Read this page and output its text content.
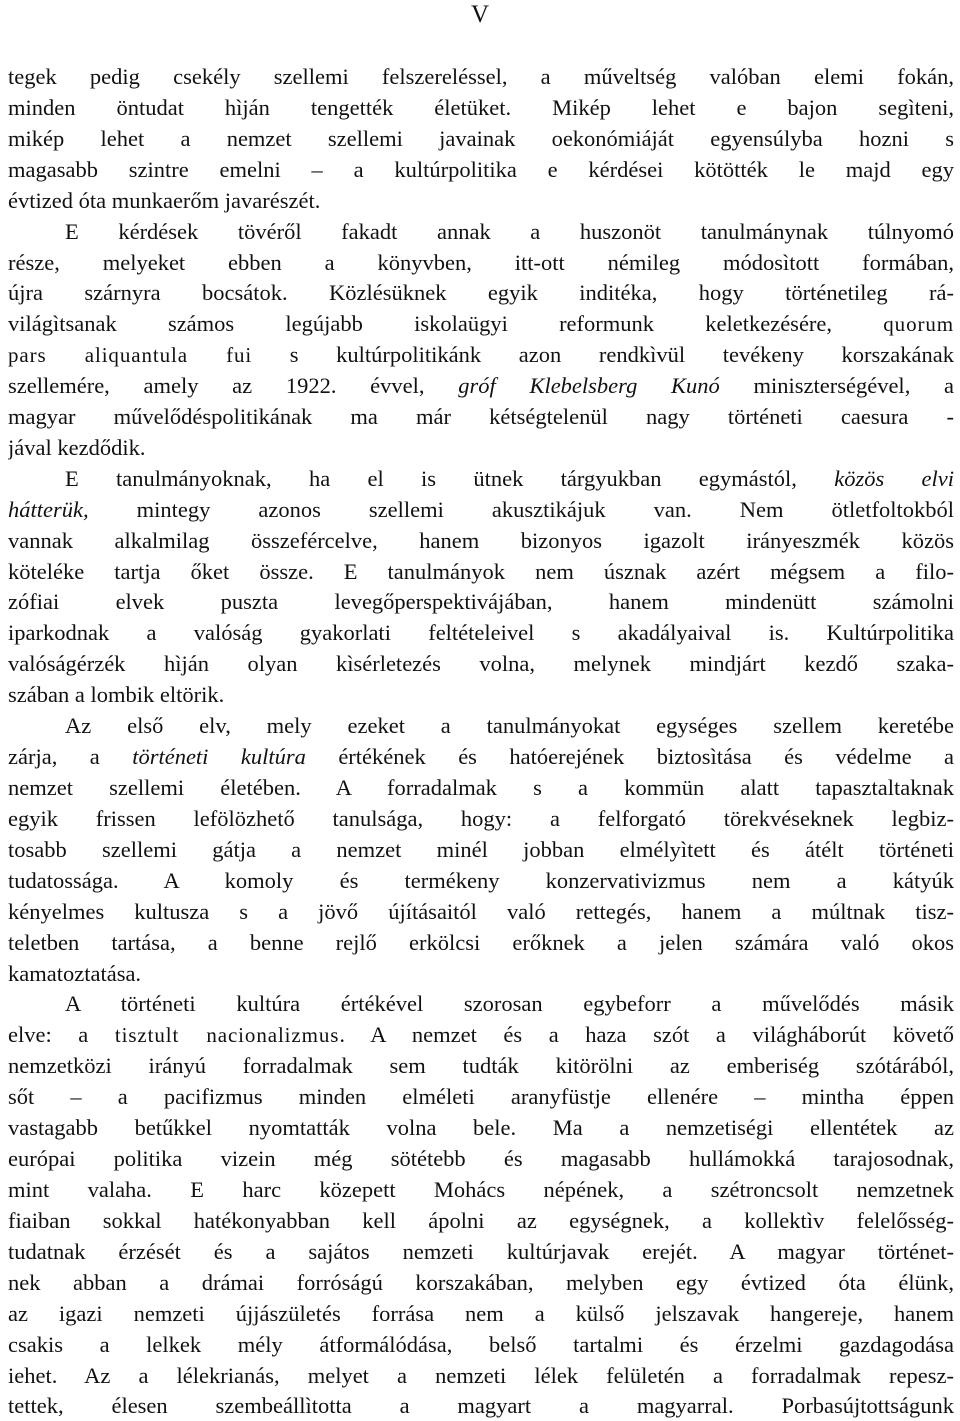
V
tegek pedig csekély szellemi felszereléssel, a műveltség valóban elemi fokán,
minden öntudat hìján tengették életüket. Mikép lehet e bajon segìteni,
mikép lehet a nemzet szellemi javainak oekonómiáját egyensúlyba hozni s
magasabb szintre emelni – a kultúrpolitika e kérdései kötötték le majd egy
évtized óta munkaerőm javarészét.
E kérdések tövéről fakadt annak a huszonöt tanulmánynak túlnyomó
része, melyeket ebben a könyvben, itt-ott némileg módosìtott formában,
újra szárnyra bocsátok. Közlésüknek egyik inditéka, hogy történetileg rá-
világìtsanak számos legújabb iskolaügyi reformunk keletkezésére, quorum
pars aliquantula fui s kultúrpolitikánk azon rendkìvül tevékeny korszakának
szellemére, amely az 1922. évvel, gróf Klebelsberg Kunó miniszterségével, a
magyar művelődéspolitikának ma már kétségtelenül nagy történeti caesura -
jával kezdődik.
E tanulmányoknak, ha el is ütnek tárgyukban egymástól, közös elvi
hátterük, mintegy azonos szellemi akusztikájuk van. Nem ötletfoltokból
vannak alkalmilag összefércelve, hanem bizonyos igazolt irányeszmék közös
köteléke tartja őket össze. E tanulmányok nem úsznak azért mégsem a filo-
zófiai elvek puszta levegőperspektivájában, hanem mindenütt számolni
iparkodnak a valóság gyakorlati feltételeivel s akadályaival is. Kultúrpolitika
valóságérzék hìján olyan kìsérletezés volna, melynek mindjárt kezdő szaka-
szában a lombik eltörik.
Az első elv, mely ezeket a tanulmányokat egységes szellem keretébe
zárja, a történeti kultúra értékének és hatóerejének biztosìtása és védelme a
nemzet szellemi életében. A forradalmak s a kommün alatt tapasztaltaknak
egyik frissen lefölözhető tanulsága, hogy: a felforgató törekvéseknek legbiz-
tosabb szellemi gátja a nemzet minél jobban elmélyìtett és átélt történeti
tudatossága. A komoly és termékeny konzervativizmus nem a kátyúk
kényelmes kultusza s a jövő újításaitól való rettegés, hanem a múltnak tisz-
teletben tartása, a benne rejlő erkölcsi erőknek a jelen számára való okos
kamatoztatása.
A történeti kultúra értékével szorosan egybeforr a művelődés másik
elve: a tisztult nacionalizmus. A nemzet és a haza szót a világháborút követő
nemzetközi irányú forradalmak sem tudták kitörölni az emberiség szótárából,
sőt – a pacifizmus minden elméleti aranyfüstje ellenére – mintha éppen
vastagabb betűkkel nyomtatták volna bele. Ma a nemzetiségi ellentétek az
európai politika vizein még sötétebb és magasabb hullámokká tarajosodnak,
mint valaha. E harc közepett Mohács népének, a szétroncsolt nemzetnek
fiaiban sokkal hatékonyabban kell ápolni az egységnek, a kollektìv felelősség-
tudatnak érzését és a sajátos nemzeti kultúrjavak erejét. A magyar történet-
nek abban a drámai forróságú korszakában, melyben egy évtized óta élünk,
az igazi nemzeti újjászületés forrása nem a külső jelszavak hangereje, hanem
csakis a lelkek mély átformálódása, belső tartalmi és érzelmi gazdagodása
iehet. Az a lélekrianás, melyet a nemzeti lélek felületén a forradalmak repesz-
tettek, élesen szembeállìtotta a magyart a magyarral. Porbasújtottságunk
